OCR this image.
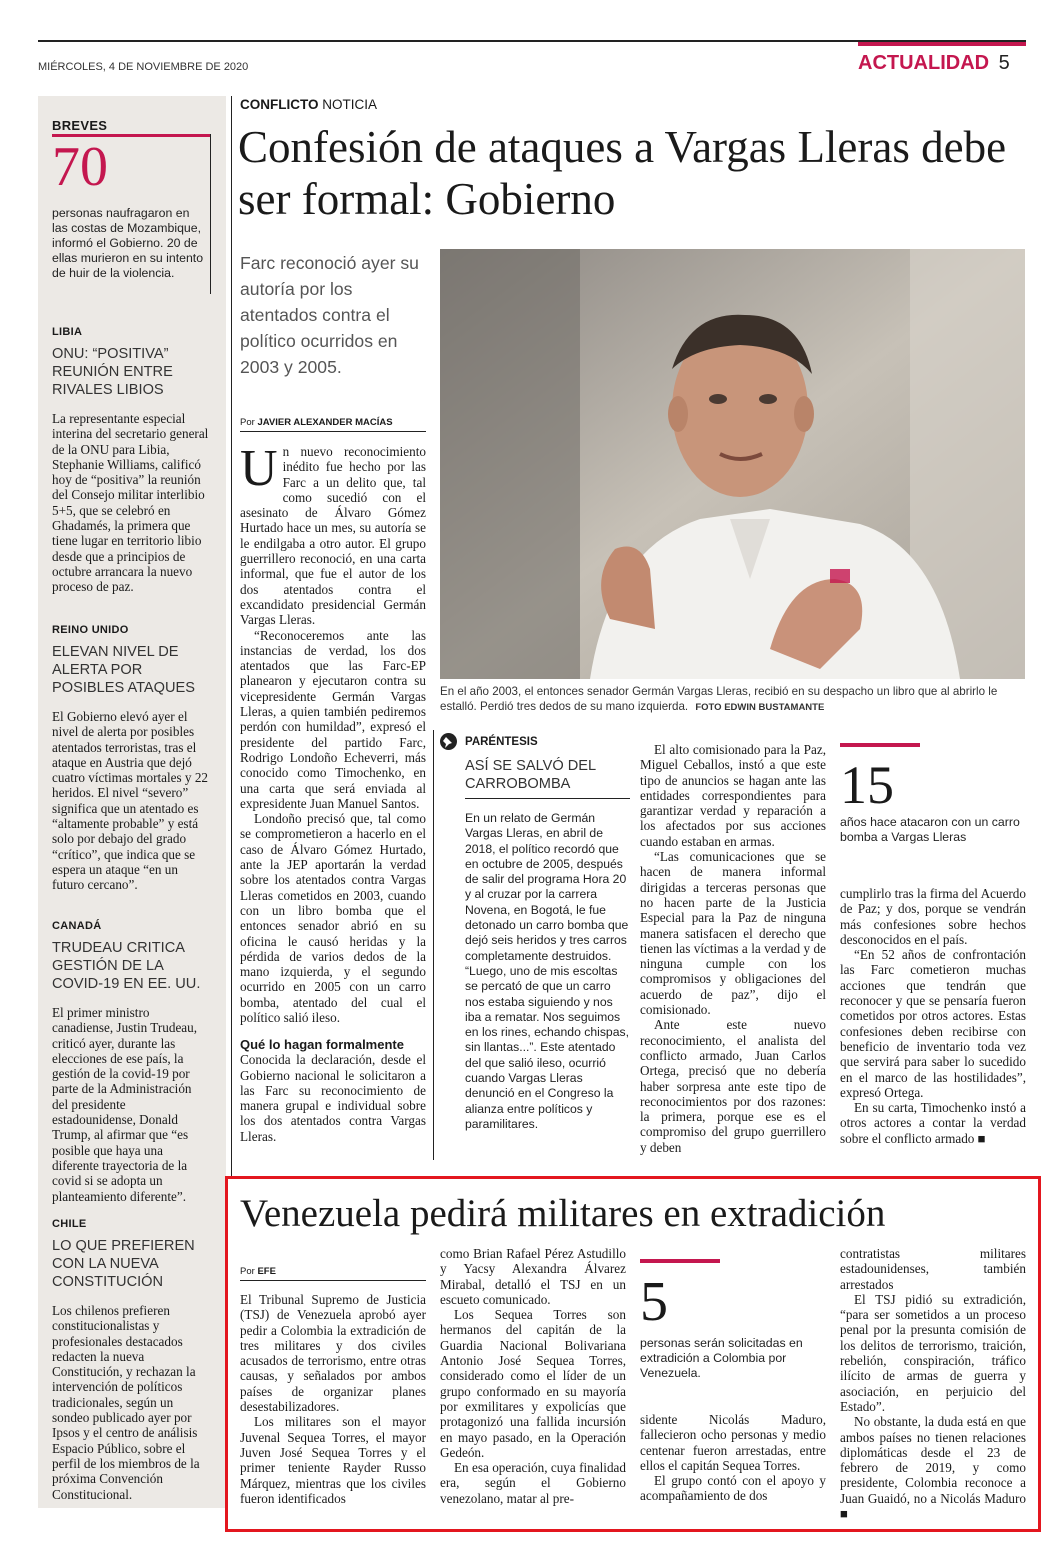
MIÉRCOLES, 4 DE NOVIEMBRE DE 2020	ACTUALIDAD 5
BREVES
70
personas naufragaron en las costas de Mozambique, informó el Gobierno. 20 de ellas murieron en su intento de huir de la violencia.
LIBIA
ONU: “POSITIVA” REUNIÓN ENTRE RIVALES LIBIOS

La representante especial interina del secretario general de la ONU para Libia, Stephanie Williams, calificó hoy de “positiva” la reunión del Consejo militar interlibio 5+5, que se celebró en Ghadamés, la primera que tiene lugar en territorio libio desde que a principios de octubre arrancara la nuevo proceso de paz.

REINO UNIDO
ELEVAN NIVEL DE ALERTA POR POSIBLES ATAQUES

El Gobierno elevó ayer el nivel de alerta por posibles atentados terroristas, tras el ataque en Austria que dejó cuatro víctimas mortales y 22 heridos. El nivel “severo” significa que un atentado es “altamente probable” y está solo por debajo del grado “crítico”, que indica que se espera un ataque “en un futuro cercano”.

CANADÁ
TRUDEAU CRITICA GESTIÓN DE LA COVID-19 EN EE. UU.

El primer ministro canadiense, Justin Trudeau, criticó ayer, durante las elecciones de ese país, la gestión de la covid-19 por parte de la Administración del presidente estadounidense, Donald Trump, al afirmar que “es posible que haya una diferente trayectoria de la covid si se adopta un planteamiento diferente”.

CHILE
LO QUE PREFIEREN CON LA NUEVA CONSTITUCIÓN

Los chilenos prefieren constitucionalistas y profesionales destacados redacten la nueva Constitución, y rechazan la intervención de políticos tradicionales, según un sondeo publicado ayer por Ipsos y el centro de análisis Espacio Público, sobre el perfil de los miembros de la próxima Convención Constitucional.

CONFLICTO NOTICIA
Confesión de ataques a Vargas Lleras debe ser formal: Gobierno
Farc reconoció ayer su autoría por los atentados contra el político ocurridos en 2003 y 2005.
Por JAVIER ALEXANDER MACÍAS
En el año 2003, el entonces senador Germán Vargas Lleras, recibió en su despacho un libro que al abrirlo le estalló. Perdió tres dedos de su mano izquierda. FOTO EDWIN BUSTAMANTE
U n nuevo reconocimiento inédito fue hecho por las Farc a un delito que, tal como sucedió con el asesinato de Álvaro Gómez Hurtado hace un mes, su autoría se le endilgaba a otro autor. El grupo guerrillero reconoció, en una carta informal, que fue el autor de los dos atentados contra el excandidato presidencial Germán Vargas Lleras.

“Reconoceremos ante las instancias de verdad, los dos atentados que las Farc-EP planearon y ejecutaron contra su vicepresidente Germán Vargas Lleras, a quien también pediremos perdón con humildad”, expresó el presidente del partido Farc, Rodrigo Londoño Echeverri, más conocido como Timochenko, en una carta que será enviada al expresidente Juan Manuel Santos.

Londoño precisó que, tal como se comprometieron a hacerlo en el caso de Álvaro Gómez Hurtado, ante la JEP aportarán la verdad sobre los atentados contra Vargas Lleras cometidos en 2003, cuando con un libro bomba que el entonces senador abrió en su oficina le causó heridas y la pérdida de varios dedos de la mano izquierda, y el segundo ocurrido en 2005 con un carro bomba, atentado del cual el político salió ileso.

Qué lo hagan formalmente

Conocida la declaración, desde el Gobierno nacional le solicitaron a las Farc su reconocimiento de manera grupal e individual sobre los dos atentados contra Vargas Lleras.

PARÉNTESIS
ASÍ SE SALVÓ DEL CARROBOMBA
En un relato de Germán Vargas Lleras, en abril de 2018, el político recordó que en octubre de 2005, después de salir del programa Hora 20 y al cruzar por la carrera Novena, en Bogotá, le fue detonado un carro bomba que dejó seis heridos y tres carros completamente destruidos. “Luego, uno de mis escoltas se percató de que un carro nos estaba siguiendo y nos iba a rematar. Nos seguimos en los rines, echando chispas, sin llantas...”. Este atentado del que salió ileso, ocurrió cuando Vargas Lleras denunció en el Congreso la alianza entre políticos y paramilitares.

El alto comisionado para la Paz, Miguel Ceballos, instó a que este tipo de anuncios se hagan ante las entidades correspondientes para garantizar verdad y reparación a los afectados por sus acciones cuando estaban en armas.

“Las comunicaciones que se hacen de manera informal dirigidas a terceras personas que no hacen parte de la Justicia Especial para la Paz de ninguna manera satisfacen el derecho que tienen las víctimas a la verdad y de ninguna cumple con los compromisos y obligaciones del acuerdo de paz”, dijo el comisionado.

Ante este nuevo reconocimiento, el analista del conflicto armado, Juan Carlos Ortega, precisó que no debería haber sorpresa ante este tipo de reconocimientos por dos razones: la primera, porque ese es el compromiso del grupo guerrillero y deben

15
años hace atacaron con un carro bomba a Vargas Lleras

cumplirlo tras la firma del Acuerdo de Paz; y dos, porque se vendrán más confesiones sobre hechos desconocidos en el país.

“En 52 años de confrontación las Farc cometieron muchas acciones que tendrán que reconocer y que se pensaría fueron cometidos por otros actores. Estas confesiones deben recibirse con beneficio de inventario toda vez que servirá para saber lo sucedido en el marco de las hostilidades”, expresó Ortega.

En su carta, Timochenko instó a otros actores a contar la verdad sobre el conflicto armado ■

Venezuela pedirá militares en extradición
Por EFE

El Tribunal Supremo de Justicia (TSJ) de Venezuela aprobó ayer pedir a Colombia la extradición de tres militares y dos civiles acusados de terrorismo, entre otras causas, y señalados por ambos países de organizar planes desestabilizadores.

Los militares son el mayor Juvenal Sequea Torres, el mayor Juven José Sequea Torres y el primer teniente Rayder Russo Márquez, mientras que los civiles fueron identificados

como Brian Rafael Pérez Astudillo y Yacsy Alexandra Álvarez Mirabal, detalló el TSJ en un escueto comunicado.

Los Sequea Torres son hermanos del capitán de la Guardia Nacional Bolivariana Antonio José Sequea Torres, considerado como el líder de un grupo conformado en su mayoría por exmilitares y expolicías que protagonizó una fallida incursión en mayo pasado, en la Operación Gedeón.

En esa operación, cuya finalidad era, según el Gobierno venezolano, matar al pre-

5
personas serán solicitadas en extradición a Colombia por Venezuela.

sidente Nicolás Maduro, fallecieron ocho personas y medio centenar fueron arrestadas, entre ellos el capitán Sequea Torres.

El grupo contó con el apoyo y acompañamiento de dos

contratistas militares estadounidenses, también arrestados

El TSJ pidió su extradición, “para ser sometidos a un proceso penal por la presunta comisión de los delitos de terrorismo, traición, rebelión, conspiración, tráfico ilícito de armas de guerra y asociación, en perjuicio del Estado”.

No obstante, la duda está en que ambos países no tienen relaciones diplomáticas desde el 23 de febrero de 2019, y como presidente, Colombia reconoce a Juan Guaidó, no a Nicolás Maduro ■
